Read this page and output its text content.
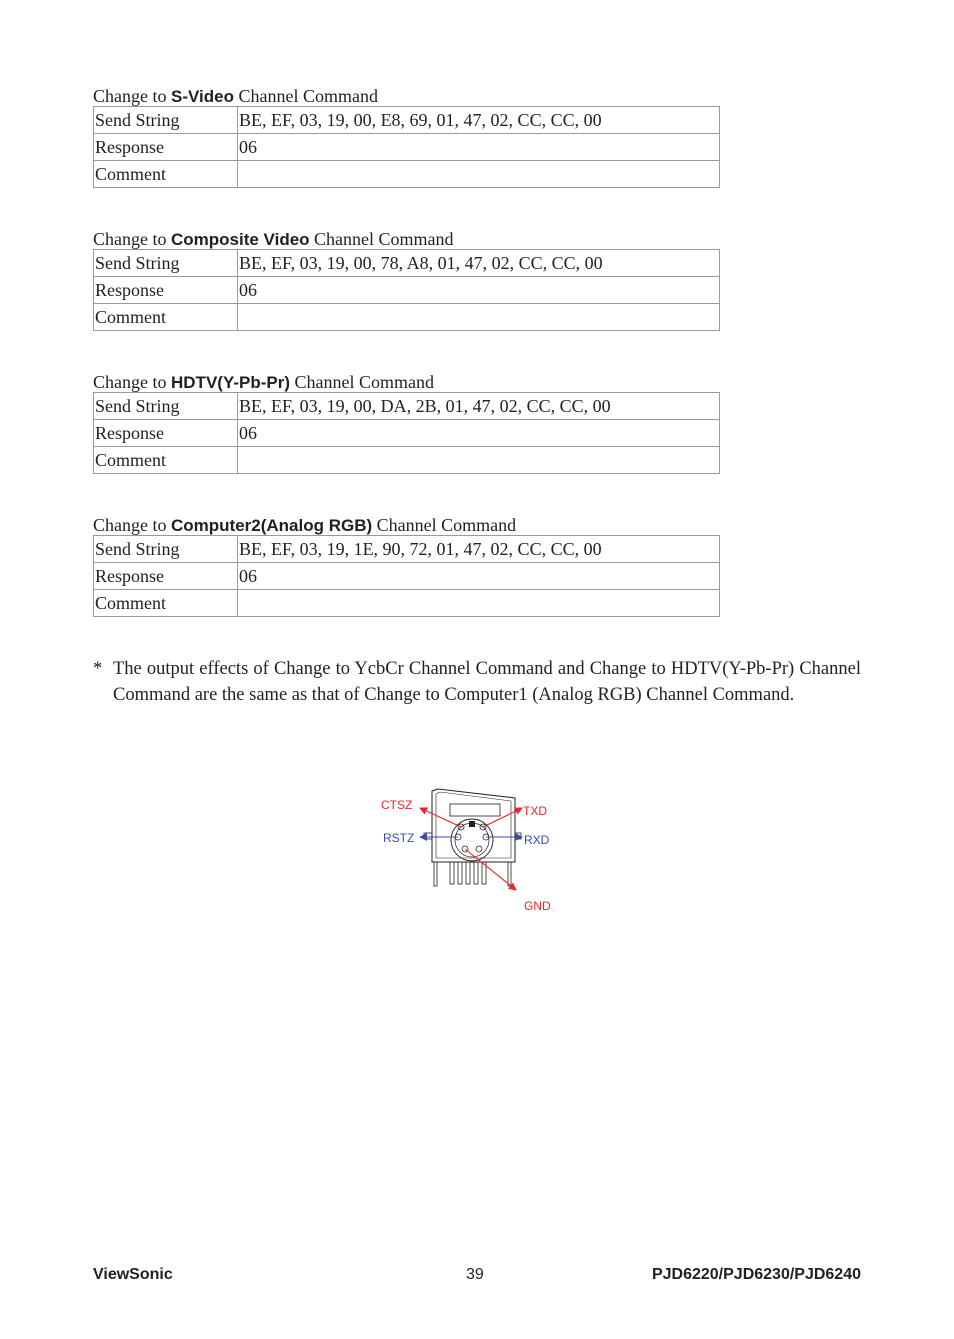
Change to S-Video Channel Command
Send String	BE, EF, 03, 19, 00, E8, 69, 01, 47, 02, CC, CC, 00
Response	06
Comment	
Change to Composite Video Channel Command
Send String	BE, EF, 03, 19, 00, 78, A8, 01, 47, 02, CC, CC, 00
Response	06
Comment	
Change to HDTV(Y-Pb-Pr) Channel Command
Send String	BE, EF, 03, 19, 00, DA, 2B, 01, 47, 02, CC, CC, 00
Response	06
Comment	
Change to Computer2(Analog RGB) Channel Command
Send String	BE, EF, 03, 19, 1E, 90, 72, 01, 47, 02, CC, CC, 00
Response	06
Comment	
* The output effects of Change to YcbCr Channel Command and Change to HDTV(Y-Pb-Pr) Channel Command are the same as that of Change to Computer1 (Analog RGB) Channel Command.
CTSZ	TXD
RSTZ	RXD
GND
ViewSonic	39	PJD6220/PJD6230/PJD6240
